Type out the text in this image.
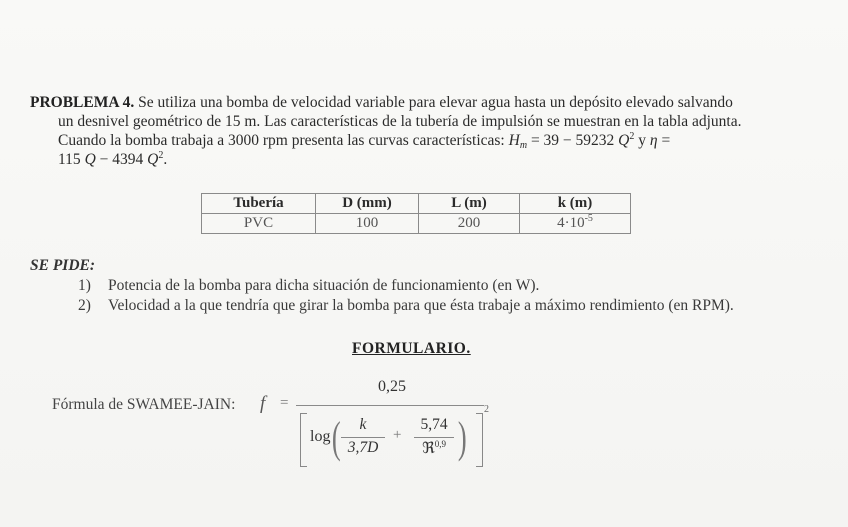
PROBLEMA 4. Se utiliza una bomba de velocidad variable para elevar agua hasta un depósito elevado salvando
un desnivel geométrico de 15 m. Las características de la tubería de impulsión se muestran en la tabla adjunta.
Cuando la bomba trabaja a 3000 rpm presenta las curvas características: $H_m = 39 - 59232$ $Q^2$ y η =
115 Q − 4394 $Q^2$.
Tubería	D (mm)	L (m)	k (m)
PVC	100	200	$4\cdot 10^{-5}$
SE PIDE:
1) Potencia de la bomba para dicha situación de funcionamiento (en W).
2) Velocidad a la que tendría que girar la bomba para que ésta trabaje a máximo rendimiento (en RPM).
FORMULARIO.
Fórmula de SWAMEE-JAIN: f =
0,25
2
log (	)
k
3,7D
+
5,74
ℜ$^{0,9}$
